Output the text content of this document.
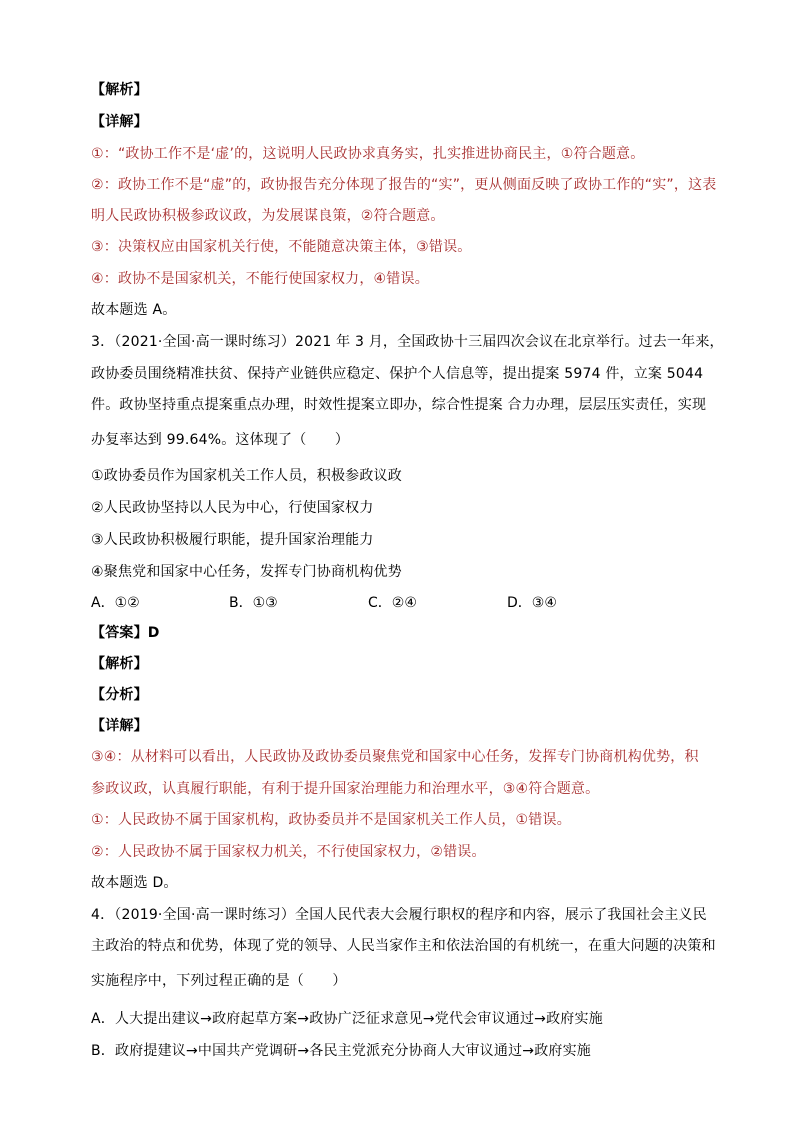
【解析】
【详解】
①：“政协工作不是‘虚’的，这说明人民政协求真务实，扎实推进协商民主，①符合题意。
②：政协工作不是“虚”的，政协报告充分体现了报告的“实”，更从侧面反映了政协工作的“实”，这表
明人民政协积极参政议政，为发展谋良策，②符合题意。
③：决策权应由国家机关行使，不能随意决策主体，③错误。
④：政协不是国家机关，不能行使国家权力，④错误。
故本题选 A。
3．（2021·全国·高一课时练习）2021 年 3 月，全国政协十三届四次会议在北京举行。过去一年来，
政协委员围绕精准扶贫、保持产业链供应稳定、保护个人信息等，提出提案 5974 件，立案 5044
件。政协坚持重点提案重点办理，时效性提案立即办，综合性提案 合力办理，层层压实责任，实现
办复率达到 99.64%。这体现了（　　）
①政协委员作为国家机关工作人员，积极参政议政
②人民政协坚持以人民为中心，行使国家权力
③人民政协积极履行职能，提升国家治理能力
④聚焦党和国家中心任务，发挥专门协商机构优势
A．①②	B．①③	C．②④	D．③④
【答案】D
【解析】
【分析】
【详解】
③④：从材料可以看出，人民政协及政协委员聚焦党和国家中心任务，发挥专门协商机构优势，积
参政议政，认真履行职能，有利于提升国家治理能力和治理水平，③④符合题意。
①：人民政协不属于国家机构，政协委员并不是国家机关工作人员，①错误。
②：人民政协不属于国家权力机关，不行使国家权力，②错误。
故本题选 D。
4．（2019·全国·高一课时练习）全国人民代表大会履行职权的程序和内容，展示了我国社会主义民
主政治的特点和优势，体现了党的领导、人民当家作主和依法治国的有机统一，在重大问题的决策和
实施程序中，下列过程正确的是（　　）
A．人大提出建议→政府起草方案→政协广泛征求意见→党代会审议通过→政府实施
B．政府提建议→中国共产党调研→各民主党派充分协商人大审议通过→政府实施
